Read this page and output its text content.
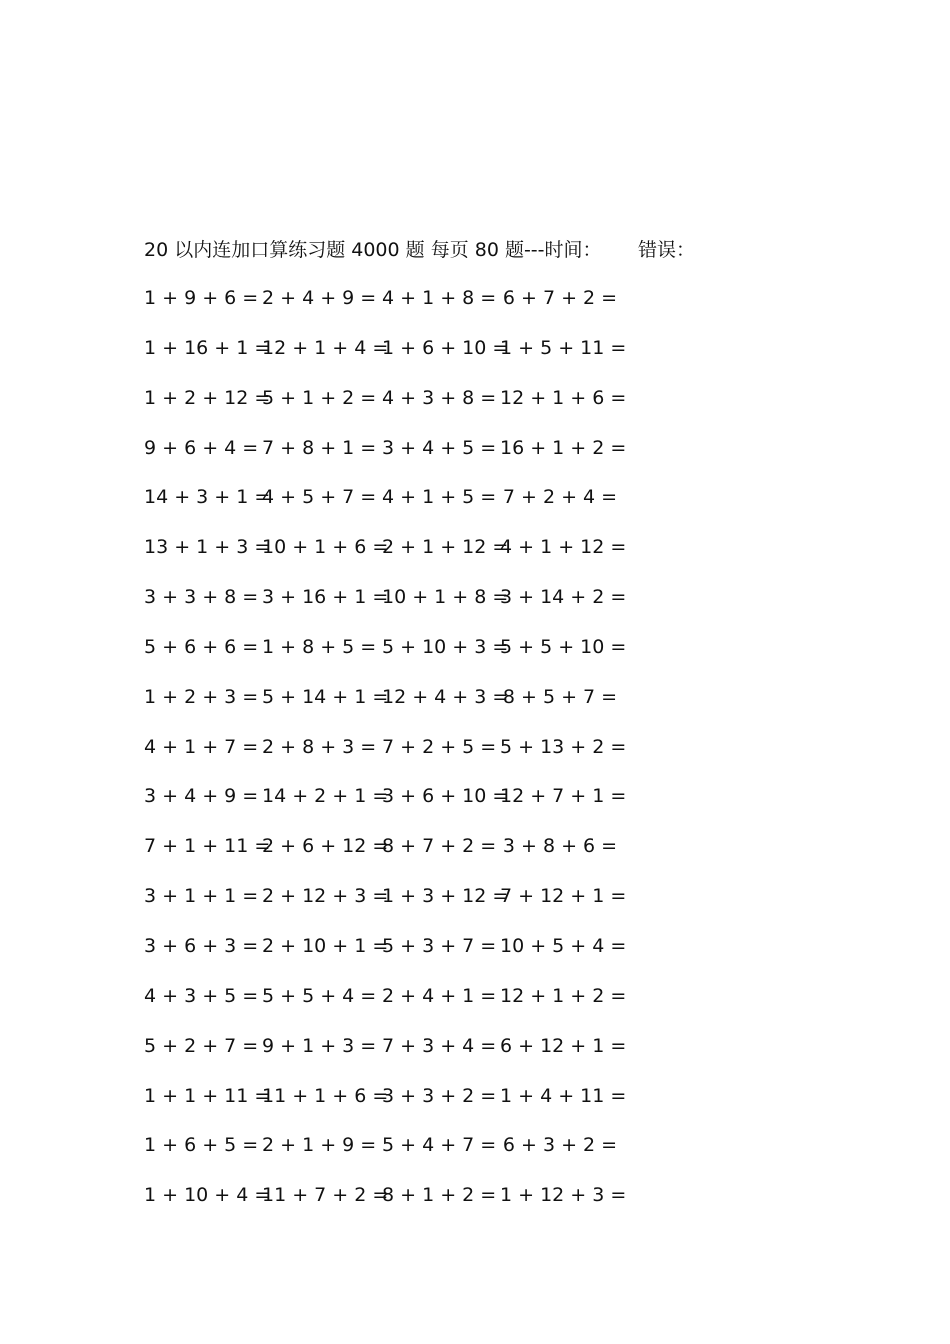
20 以内连加口算练习题 4000 题 每页 80 题---时间： 错误：
1 + 9 + 6 = 2 + 4 + 9 = 4 + 1 + 8 = 6 + 7 + 2 =
1 + 16 + 1 =
12 + 1 + 4 =
1 + 6 + 10 =
1 + 5 + 11 =
1 + 2 + 12 =
5 + 1 + 2 = 4 + 3 + 8 = 12 + 1 + 6 =
9 + 6 + 4 = 7 + 8 + 1 = 3 + 4 + 5 = 16 + 1 + 2 =
14 + 3 + 1 =
4 + 5 + 7 = 4 + 1 + 5 = 7 + 2 + 4 =
13 + 1 + 3 =
10 + 1 + 6 =
2 + 1 + 12 =
4 + 1 + 12 =
3 + 3 + 8 = 3 + 16 + 1 =
10 + 1 + 8 =
3 + 14 + 2 =
5 + 6 + 6 = 1 + 8 + 5 = 5 + 10 + 3 =
5 + 5 + 10 =
1 + 2 + 3 = 5 + 14 + 1 =
12 + 4 + 3 =
8 + 5 + 7 =
4 + 1 + 7 = 2 + 8 + 3 = 7 + 2 + 5 = 5 + 13 + 2 =
3 + 4 + 9 = 14 + 2 + 1 =
3 + 6 + 10 =
12 + 7 + 1 =
7 + 1 + 11 =
2 + 6 + 12 =
8 + 7 + 2 = 3 + 8 + 6 =
3 + 1 + 1 = 2 + 12 + 3 =
1 + 3 + 12 =
7 + 12 + 1 =
3 + 6 + 3 = 2 + 10 + 1 =
5 + 3 + 7 = 10 + 5 + 4 =
4 + 3 + 5 = 5 + 5 + 4 = 2 + 4 + 1 = 12 + 1 + 2 =
5 + 2 + 7 = 9 + 1 + 3 = 7 + 3 + 4 = 6 + 12 + 1 =
1 + 1 + 11 =
11 + 1 + 6 =
3 + 3 + 2 = 1 + 4 + 11 =
1 + 6 + 5 = 2 + 1 + 9 = 5 + 4 + 7 = 6 + 3 + 2 =
1 + 10 + 4 =
11 + 7 + 2 =
8 + 1 + 2 = 1 + 12 + 3 =
